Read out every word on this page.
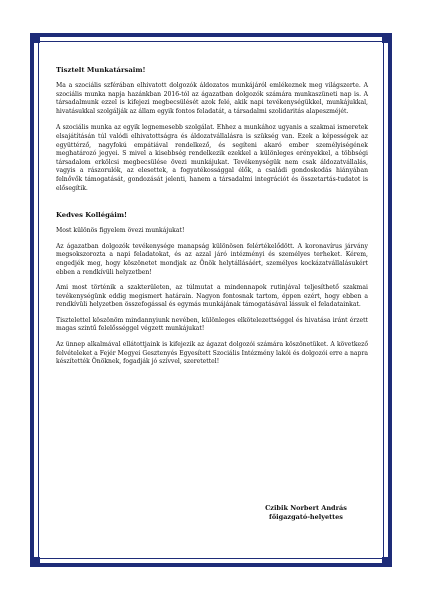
Tisztelt Munkatársaim!
Ma a szociális szférában elhivatott dolgozók áldozatos munkájáról emlékeznek meg világszerte. A szociális munka napja hazánkban 2016-tól az ágazatban dolgozók számára munkaszüneti nap is. A társadalmunk ezzel is kifejezi megbecsülését azok felé, akik napi tevékenységükkel, munkájukkal, hivatásukkal szolgálják az állam egyik fontos feladatát, a társadalmi szolidaritás alapeszméjét.
A szociális munka az egyik legnemesebb szolgálat. Ehhez a munkához ugyanis a szakmai ismeretek elsajátításán túl valódi elhivatottságra és áldozatvállalásra is szükség van. Ezek a képességek az együttérző, nagyfokú empátiával rendelkező, és segíteni akaró ember személyiségének meghatározó jegyei. S mivel a kisebbség rendelkezik ezekkel a különleges erényekkel, a többségi társadalom erkölcsi megbecsülése övezi munkájukat. Tevékenységük nem csak áldozatvállalás, vagyis a rászorulók, az elesettek, a fogyatékossággal élők, a családi gondoskodás hiányában felnővők támogatását, gondozását jelenti, hanem a társadalmi integrációt és összetartás-tudatot is elősegítik.
Kedves Kollégáim!
Most különös figyelem övezi munkájukat!
Az ágazatban dolgozók tevékenysége manapság különösen felértékelődött. A koronavírus járvány megsokszorozta a napi feladatokat, és az azzal járó intézményi és személyes terheket. Kérem, engedjék meg, hogy köszönetet mondjak az Önök helytállásáért, személyes kockázatvállalásukért ebben a rendkívüli helyzetben!
Ami most történik a szakterületen, az túlmutat a mindennapok rutinjával teljesíthető szakmai tevékenységünk eddig megismert határain. Nagyon fontosnak tartom, éppen ezért, hogy ebben a rendkívüli helyzetben összefogással és egymás munkájának támogatásával lássuk el feladatainkat.
Tisztelettel köszönöm mindannyiunk nevében, különleges elkötelezettséggel és hivatása iránt érzett magas szintű felelősséggel végzett munkájukat!
Az ünnep alkalmával ellátottjaink is kifejezik az ágazat dolgozói számára köszönetüket. A következő felvételeket a Fejér Megyei Gesztenyés Egyesített Szociális Intézmény lakói és dolgozói erre a napra készítették Önöknek, fogadják jó szívvel, szeretettel!
Czibik Norbert András
főigazgató-helyettes
